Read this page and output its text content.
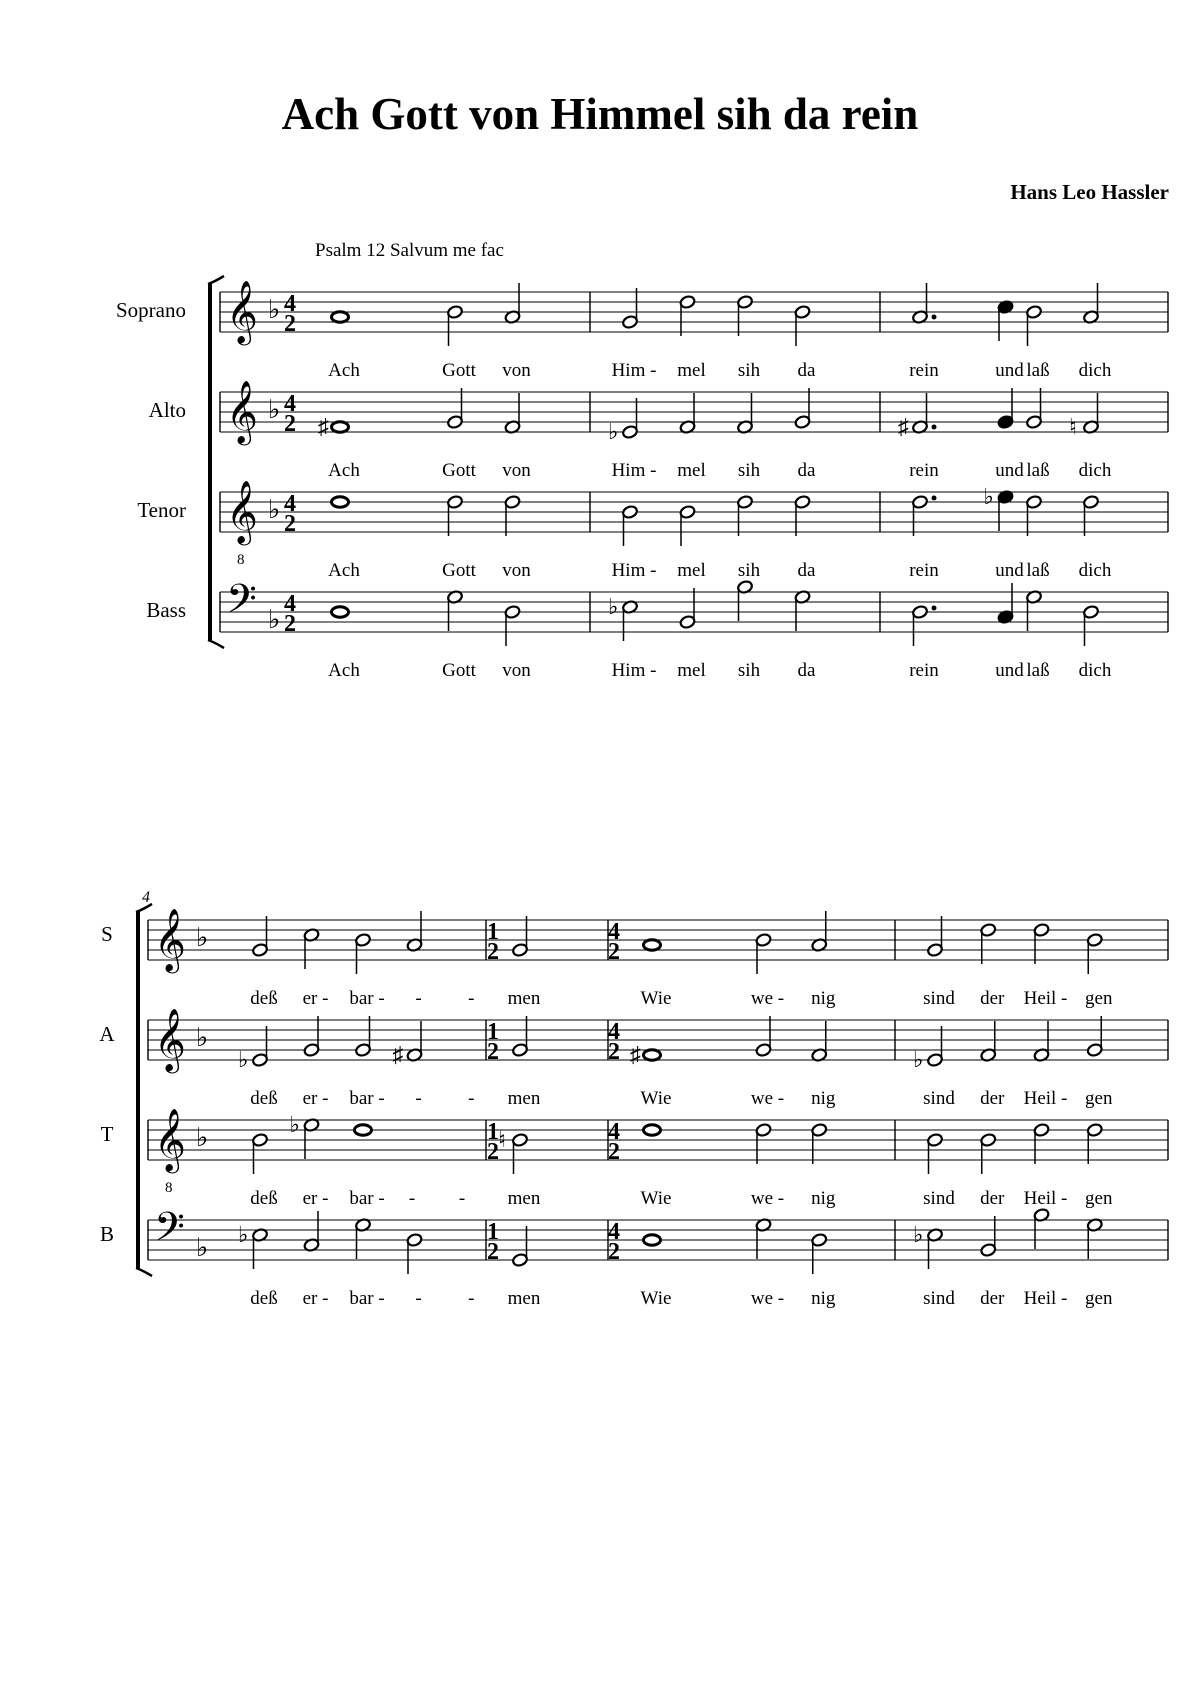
Ach Gott von Himmel sih da rein
Hans Leo Hassler
Psalm 12 Salvum me fac
Soprano
Alto
Tenor
Bass
S
A
T
B
𝄞 ♭ 4
2
Ach	Gott von	Him - mel sih da	rein	und laß dich
𝄞 ♭ 4
2 ♯	♭	♯	♮
Ach	Gott von	Him - mel sih da	rein	und laß dich
𝄞
8
♭ 4
2
♭
Ach	Gott von	Him - mel sih da	rein	und laß dich
𝄢 ♭
4
2
♭
Ach	Gott von	Him - mel sih da	rein	und laß dich
4
𝄞 ♭	1
2
4
2
deß er - bar - - - men	Wie	we - nig	sind der Heil - gen
𝄞 ♭	1
2
4
2
♭	♯	♯	♭
deß er - bar - - - men	Wie	we - nig	sind der Heil - gen
𝄞
8
♭	1
2
4
2
♭
♮
deß er - bar - - - men	Wie	we - nig	sind der Heil - gen
𝄢 ♭
1
2
4
2
♭	♭
deß er - bar - - - men	Wie	we - nig	sind der Heil - gen
